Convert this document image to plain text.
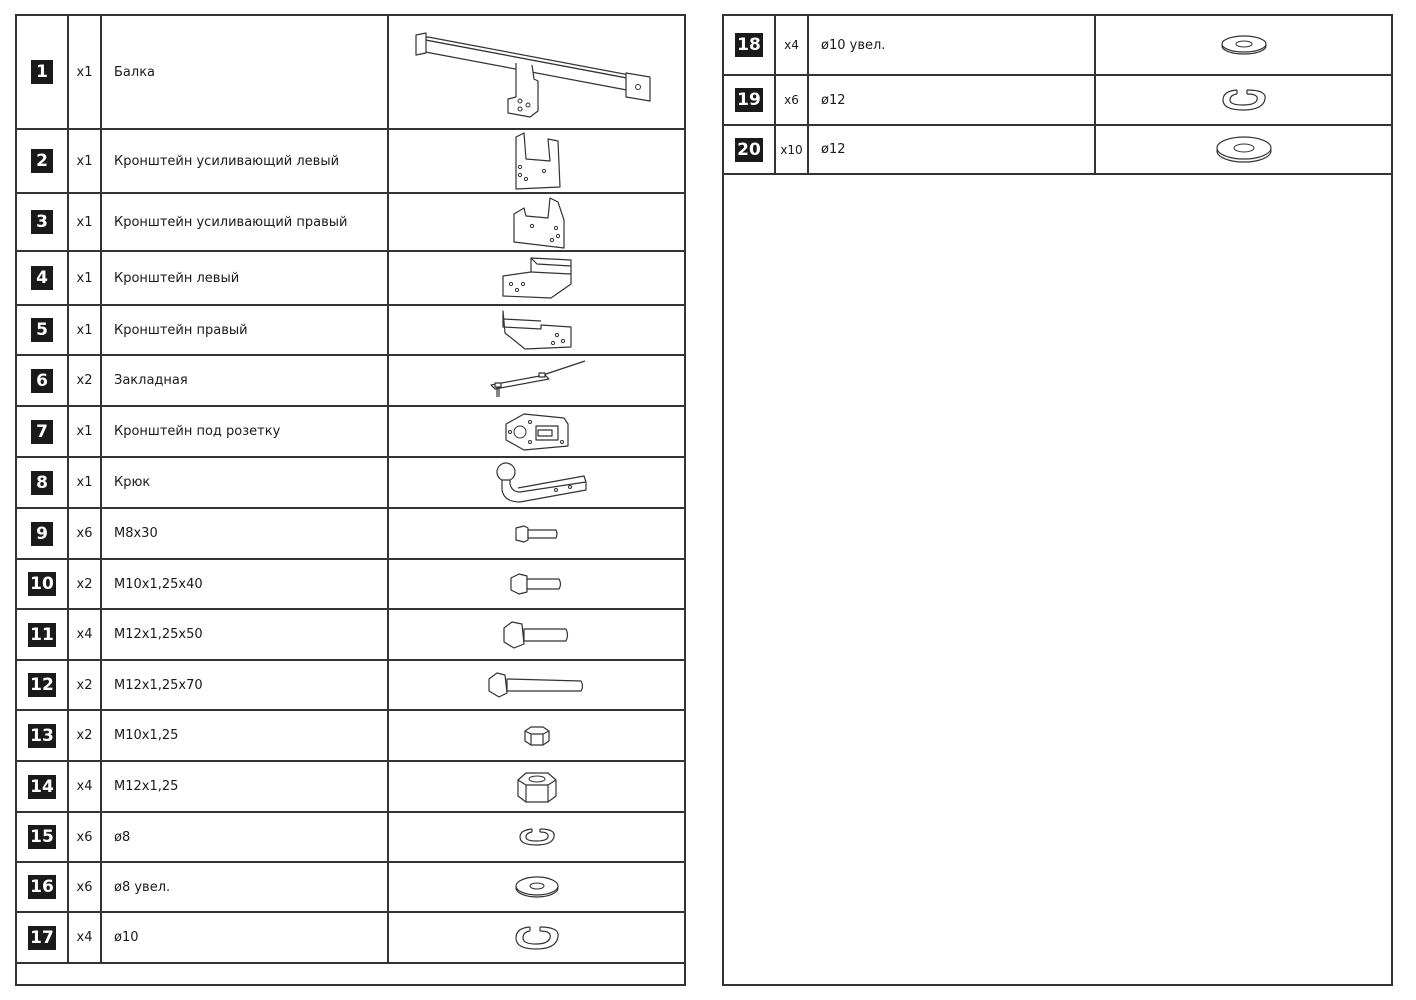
1	x1	Балка
2	x1	Кронштейн усиливающий левый
3	x1	Кронштейн усиливающий правый
4	x1	Кронштейн левый
5	x1	Кронштейн правый
6	x2	Закладная
7	x1	Кронштейн под розетку
8	x1	Крюк
9	x6	M8x30
10	x2	M10x1,25x40
11	x4	M12x1,25x50
12	x2	M12x1,25x70
13	x2	M10x1,25
14	x4	M12x1,25
15	x6	ø8
16	x6	ø8 увел.
17	x4	ø10
18	x4	ø10 увел.
19	x6	ø12
20	x10	ø12
